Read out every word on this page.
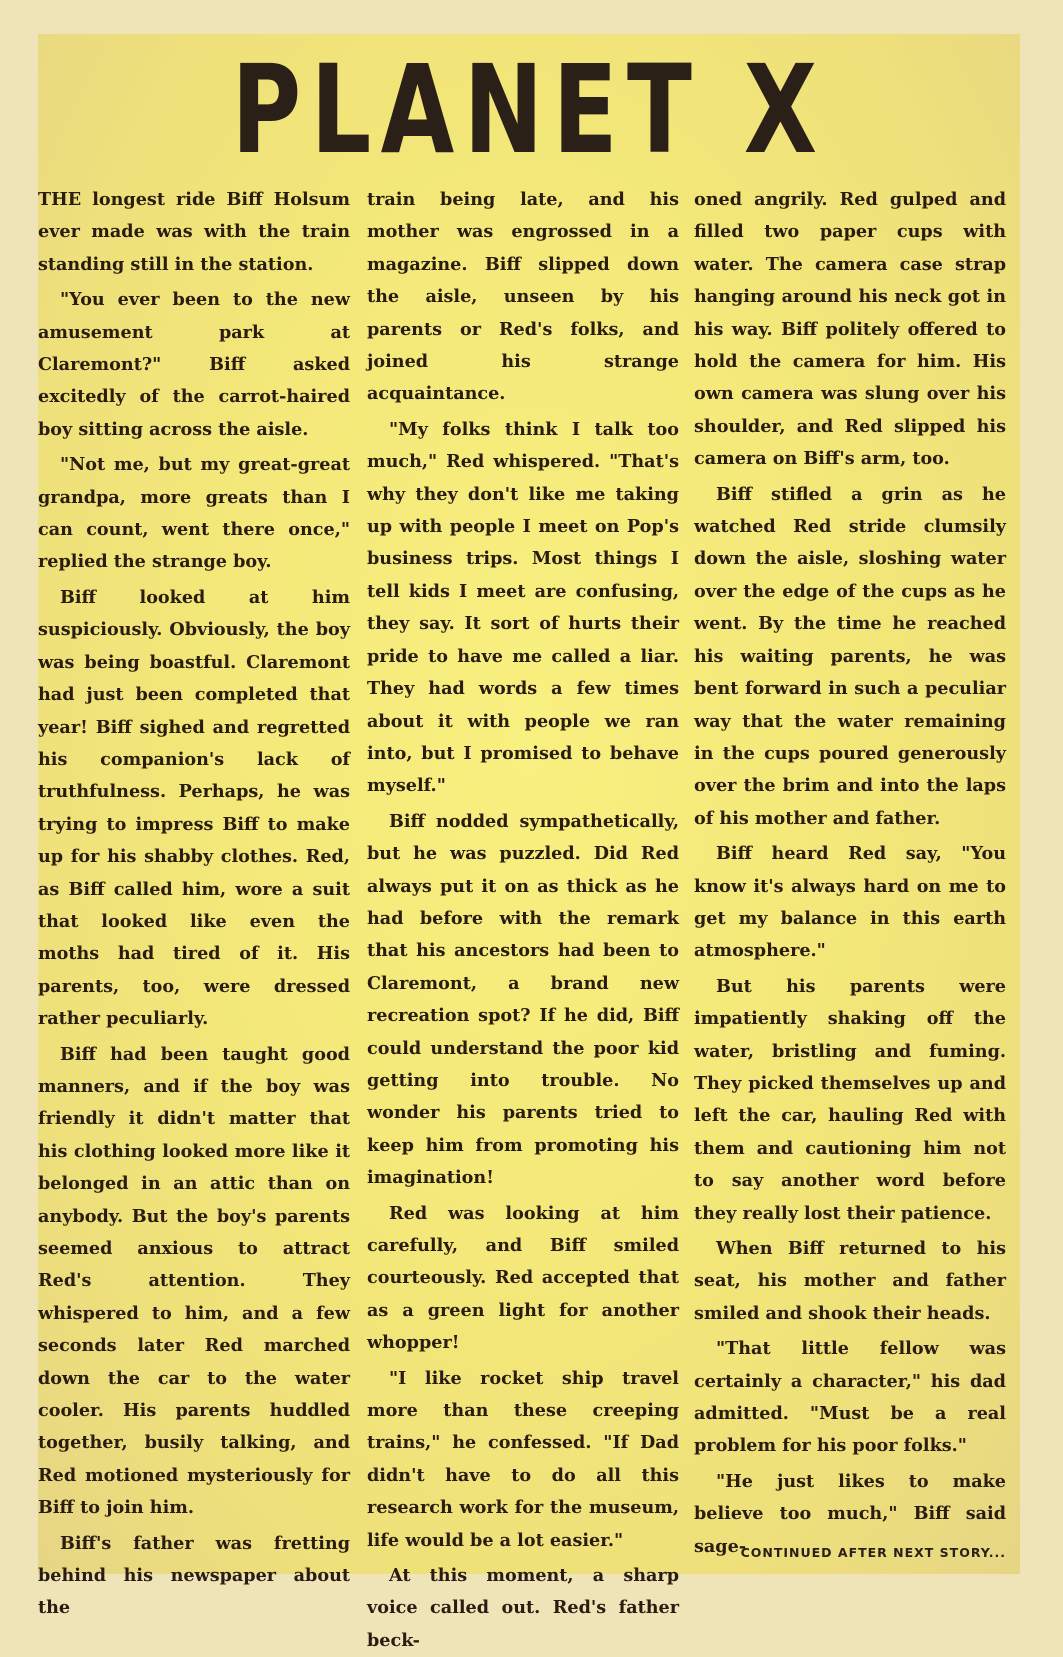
PLANET X

THE longest ride Biff Holsum ever made was with the train standing still in the station.

"You ever been to the new amusement park at Claremont?" Biff asked excitedly of the carrot-haired boy sitting across the aisle.

"Not me, but my great-great grandpa, more greats than I can count, went there once," replied the strange boy.

Biff looked at him suspiciously. Obviously, the boy was being boastful. Claremont had just been completed that year! Biff sighed and regretted his companion's lack of truthfulness. Perhaps, he was trying to impress Biff to make up for his shabby clothes. Red, as Biff called him, wore a suit that looked like even the moths had tired of it. His parents, too, were dressed rather peculiarly.

Biff had been taught good manners, and if the boy was friendly it didn't matter that his clothing looked more like it belonged in an attic than on anybody. But the boy's parents seemed anxious to attract Red's attention. They whispered to him, and a few seconds later Red marched down the car to the water cooler. His parents huddled together, busily talking, and Red motioned mysteriously for Biff to join him.

Biff's father was fretting behind his newspaper about the

train being late, and his mother was engrossed in a magazine. Biff slipped down the aisle, unseen by his parents or Red's folks, and joined his strange acquaintance.

"My folks think I talk too much," Red whispered. "That's why they don't like me taking up with people I meet on Pop's business trips. Most things I tell kids I meet are confusing, they say. It sort of hurts their pride to have me called a liar. They had words a few times about it with people we ran into, but I promised to behave myself."

Biff nodded sympathetically, but he was puzzled. Did Red always put it on as thick as he had before with the remark that his ancestors had been to Claremont, a brand new recreation spot? If he did, Biff could understand the poor kid getting into trouble. No wonder his parents tried to keep him from promoting his imagination!

Red was looking at him carefully, and Biff smiled courteously. Red accepted that as a green light for another whopper!

"I like rocket ship travel more than these creeping trains," he confessed. "If Dad didn't have to do all this research work for the museum, life would be a lot easier."

At this moment, a sharp voice called out. Red's father beck-

oned angrily. Red gulped and filled two paper cups with water. The camera case strap hanging around his neck got in his way. Biff politely offered to hold the camera for him. His own camera was slung over his shoulder, and Red slipped his camera on Biff's arm, too.

Biff stifled a grin as he watched Red stride clumsily down the aisle, sloshing water over the edge of the cups as he went. By the time he reached his waiting parents, he was bent forward in such a peculiar way that the water remaining in the cups poured generously over the brim and into the laps of his mother and father.

Biff heard Red say, "You know it's always hard on me to get my balance in this earth atmosphere."

But his parents were impatiently shaking off the water, bristling and fuming. They picked themselves up and left the car, hauling Red with them and cautioning him not to say another word before they really lost their patience.

When Biff returned to his seat, his mother and father smiled and shook their heads.

"That little fellow was certainly a character," his dad admitted. "Must be a real problem for his poor folks."

"He just likes to make believe too much," Biff said sage-

CONTINUED AFTER NEXT STORY...
